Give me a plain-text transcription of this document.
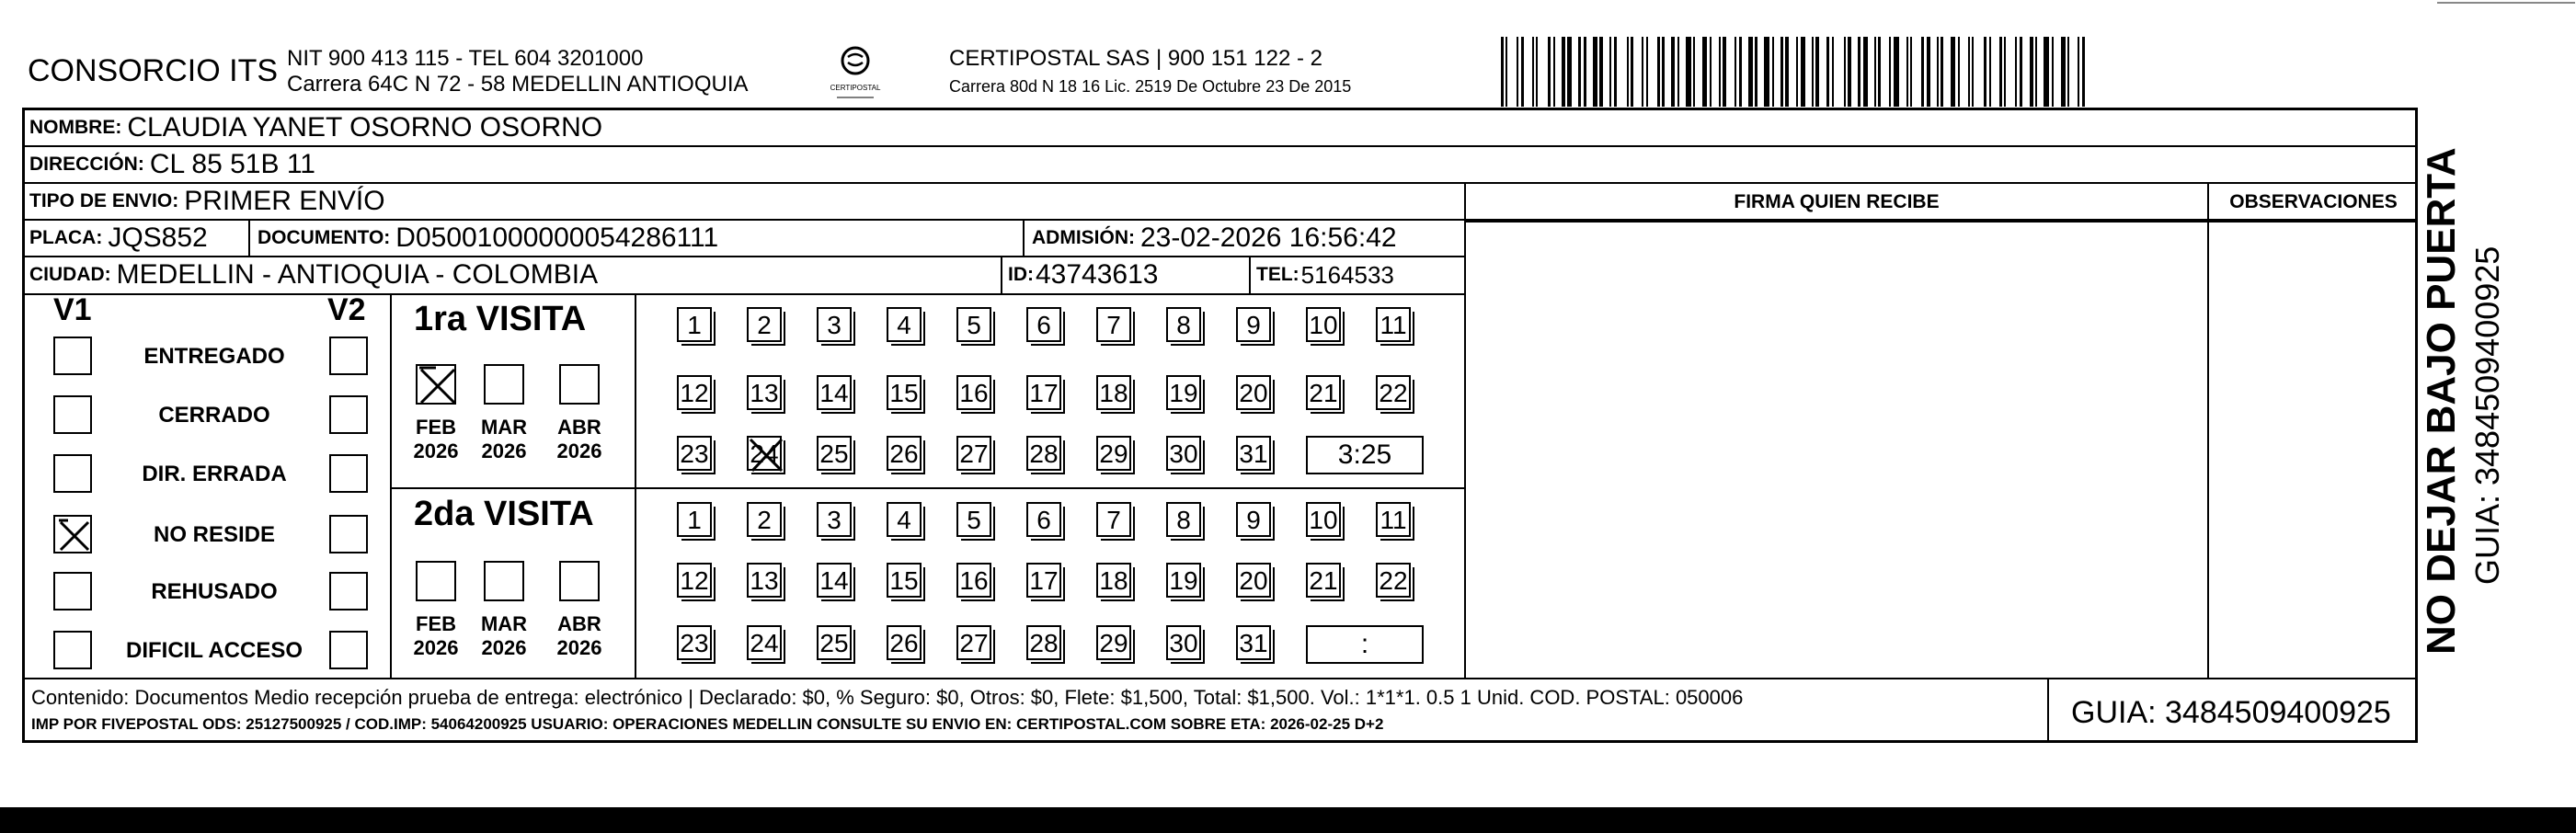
CONSORCIO ITS NIT 900 413 115 - TEL 604 3201000
Carrera 64C N 72 - 58 MEDELLIN ANTIOQUIA	CERTIPOSTAL
CERTIPOSTAL SAS | 900 151 122 - 2
Carrera 80d N 18 16 Lic. 2519 De Octubre 23 De 2015
NOMBRE: CLAUDIA YANET OSORNO OSORNO
DIRECCIÓN: CL 85 51B 11
TIPO DE ENVIO: PRIMER ENVÍO	FIRMA QUIEN RECIBE	OBSERVACIONES
PLACA: JQS852	DOCUMENTO: D05001000000054286111	ADMISIÓN: 23-02-2026 16:56:42
CIUDAD: MEDELLIN - ANTIOQUIA - COLOMBIA	ID: 43743613	TEL: 5164533
V1	V2
ENTREGADO
CERRADO
DIR. ERRADA
NO RESIDE
REHUSADO
DIFICIL ACCESO
1ra VISITA
2da VISITA
FEB
2026
MAR
2026
ABR
2026
FEB
2026
MAR
2026
ABR
2026
1	2	3	4	5	6	7	8	9	10 11
12 13 14 15 16 17 18 19 20 21 22
23 24 25 26 27 28 29 30 31	3:25
1	2	3	4	5	6	7	8	9	10 11
12 13 14 15 16 17 18 19 20 21 22
23 24 25 26 27 28 29 30 31	:
Contenido: Documentos Medio recepción prueba de entrega: electrónico | Declarado: $0, % Seguro: $0, Otros: $0, Flete: $1,500, Total: $1,500. Vol.: 1*1*1. 0.5 1 Unid. COD. POSTAL: 050006
IMP POR FIVEPOSTAL ODS: 25127500925 / COD.IMP: 54064200925 USUARIO: OPERACIONES MEDELLIN CONSULTE SU ENVIO EN: CERTIPOSTAL.COM SOBRE ETA: 2026-02-25 D+2	GUIA: 3484509400925
NO DEJAR BAJO PUERTA GUIA: 3484509400925
